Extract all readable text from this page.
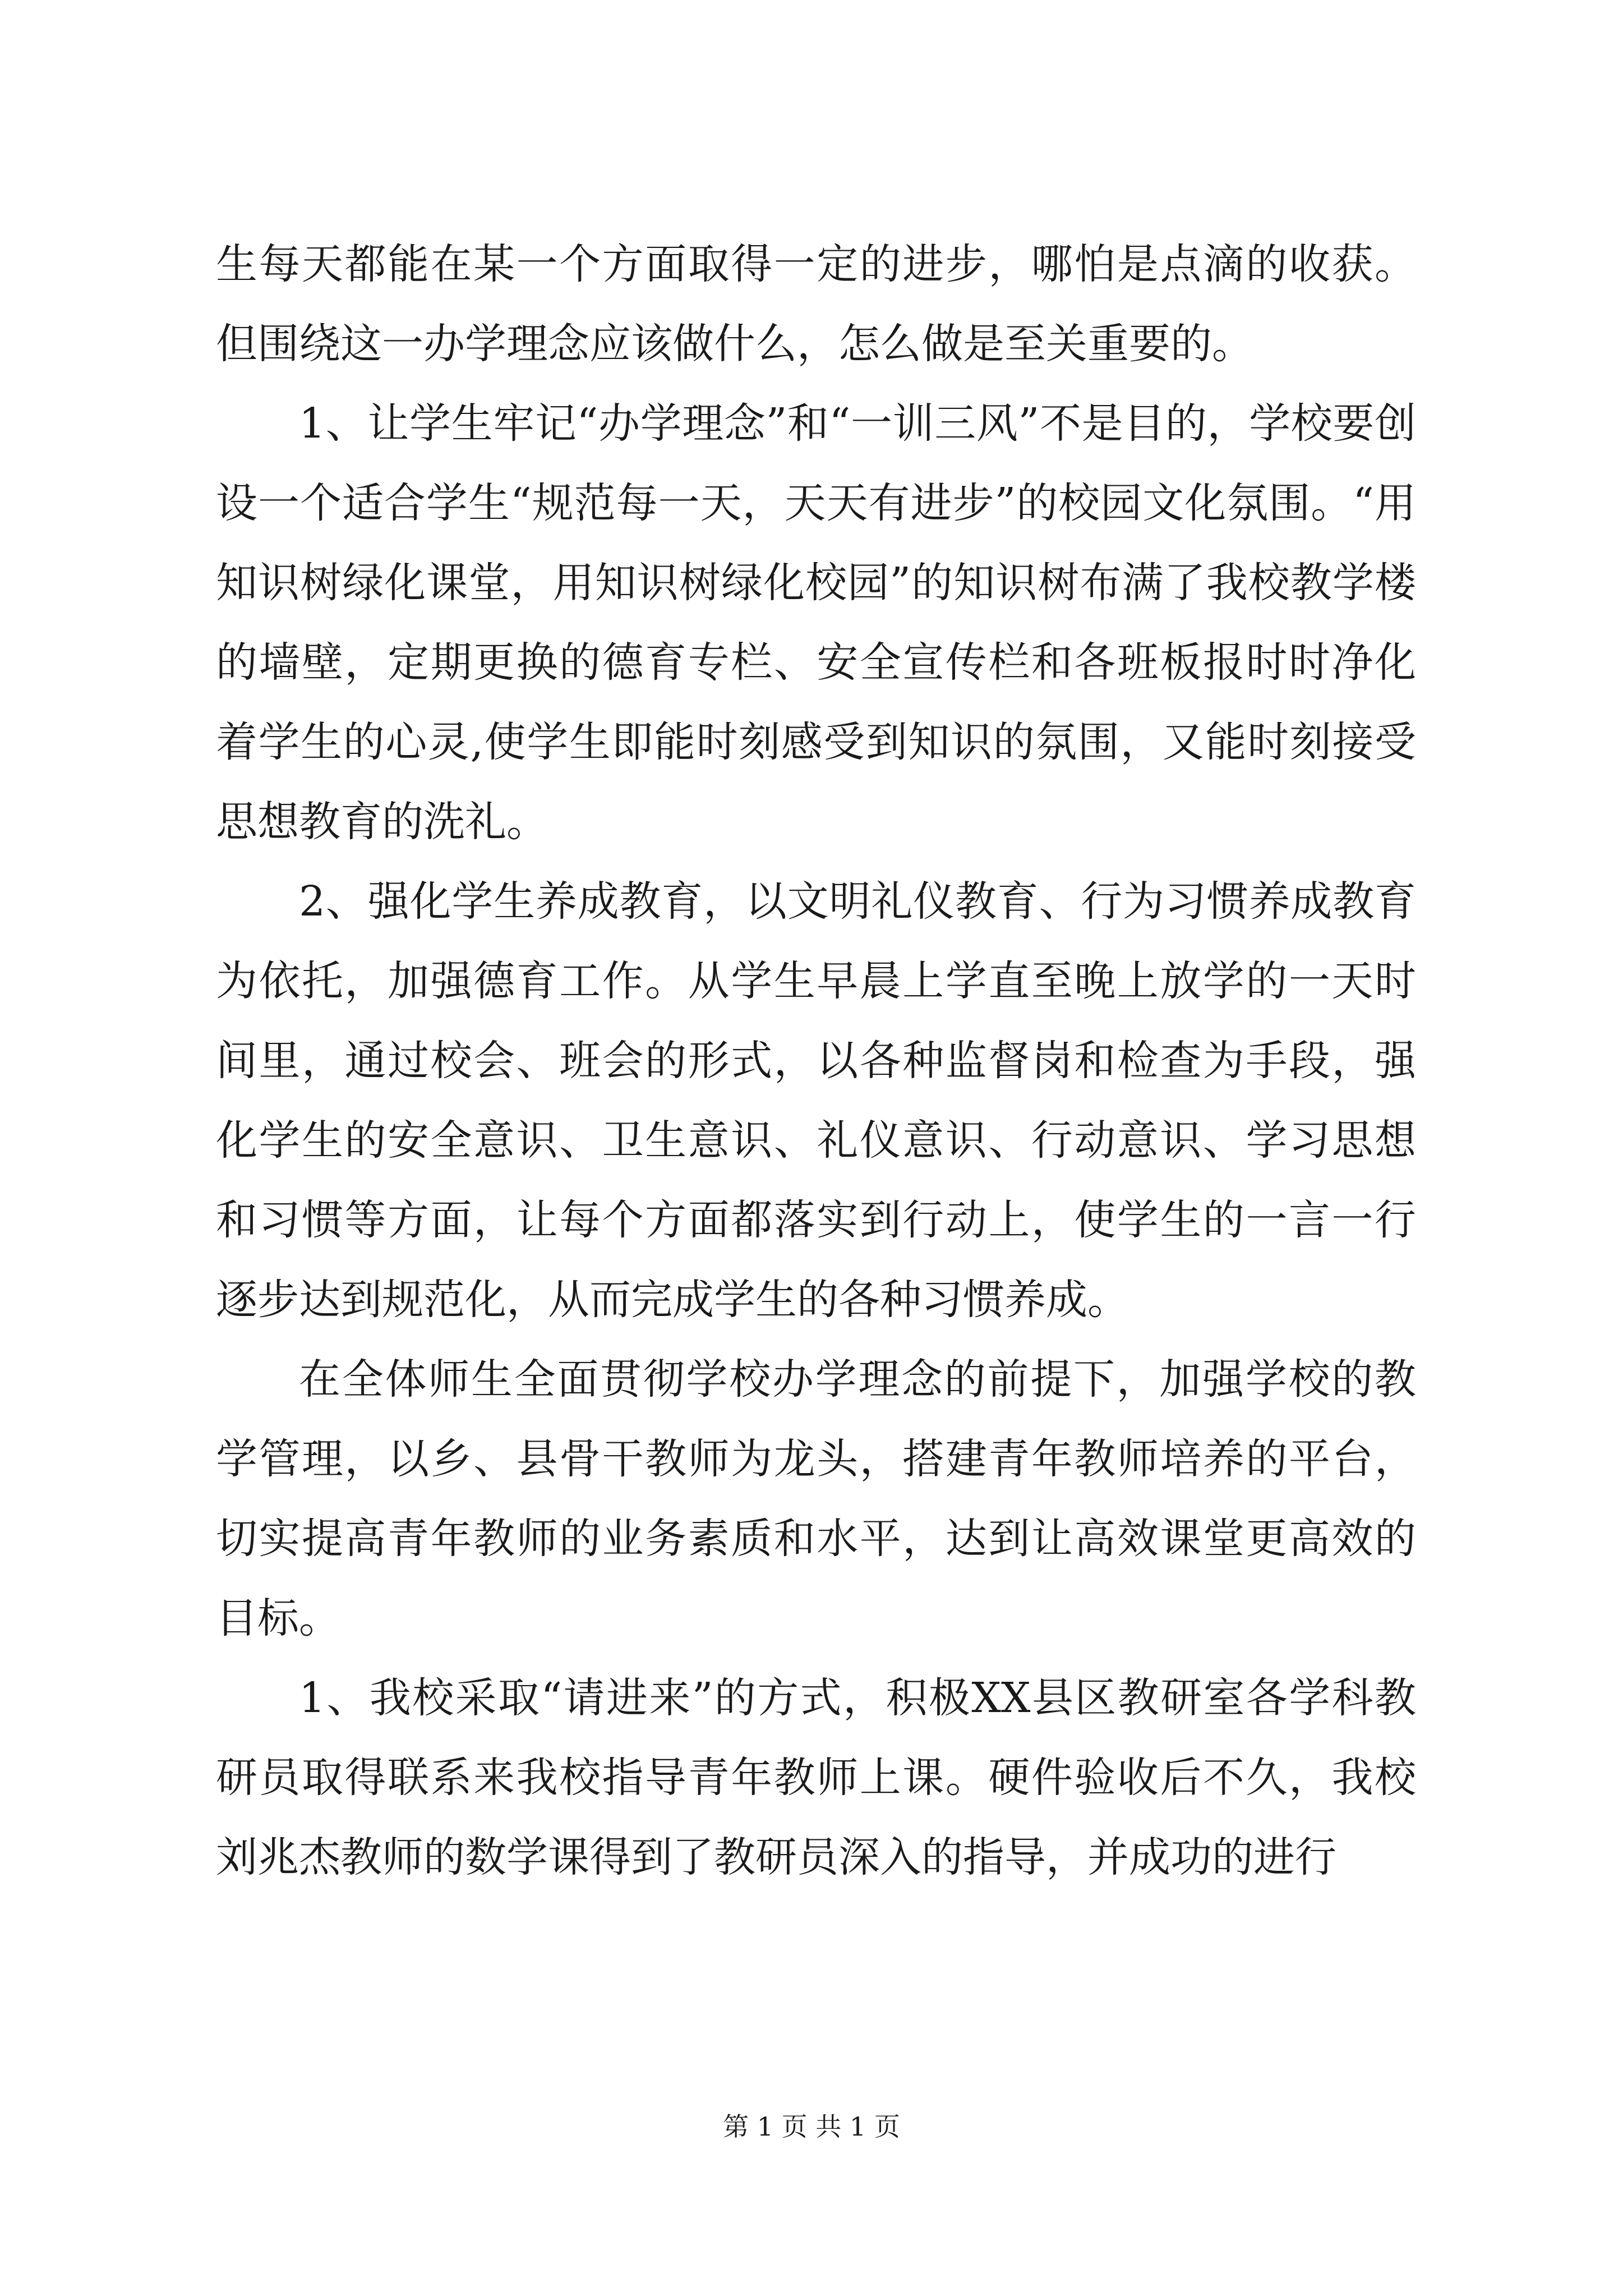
生每天都能在某一个方面取得一定的进步，哪怕是点滴的收获。但围绕这一办学理念应该做什么，怎么做是至关重要的。

1、让学生牢记“办学理念”和“一训三风”不是目的，学校要创设一个适合学生“规范每一天，天天有进步”的校园文化氛围。“用知识树绿化课堂，用知识树绿化校园”的知识树布满了我校教学楼的墙壁，定期更换的德育专栏、安全宣传栏和各班板报时时净化着学生的心灵,使学生即能时刻感受到知识的氛围，又能时刻接受思想教育的洗礼。

2、强化学生养成教育，以文明礼仪教育、行为习惯养成教育为依托，加强德育工作。从学生早晨上学直至晚上放学的一天时间里，通过校会、班会的形式，以各种监督岗和检查为手段，强化学生的安全意识、卫生意识、礼仪意识、行动意识、学习思想和习惯等方面，让每个方面都落实到行动上，使学生的一言一行逐步达到规范化，从而完成学生的各种习惯养成。

在全体师生全面贯彻学校办学理念的前提下，加强学校的教学管理，以乡、县骨干教师为龙头，搭建青年教师培养的平台，切实提高青年教师的业务素质和水平，达到让高效课堂更高效的目标。

1、我校采取“请进来”的方式，积极XX县区教研室各学科教研员取得联系来我校指导青年教师上课。硬件验收后不久，我校刘兆杰教师的数学课得到了教研员深入的指导，并成功的进行

第 1 页 共 1 页
